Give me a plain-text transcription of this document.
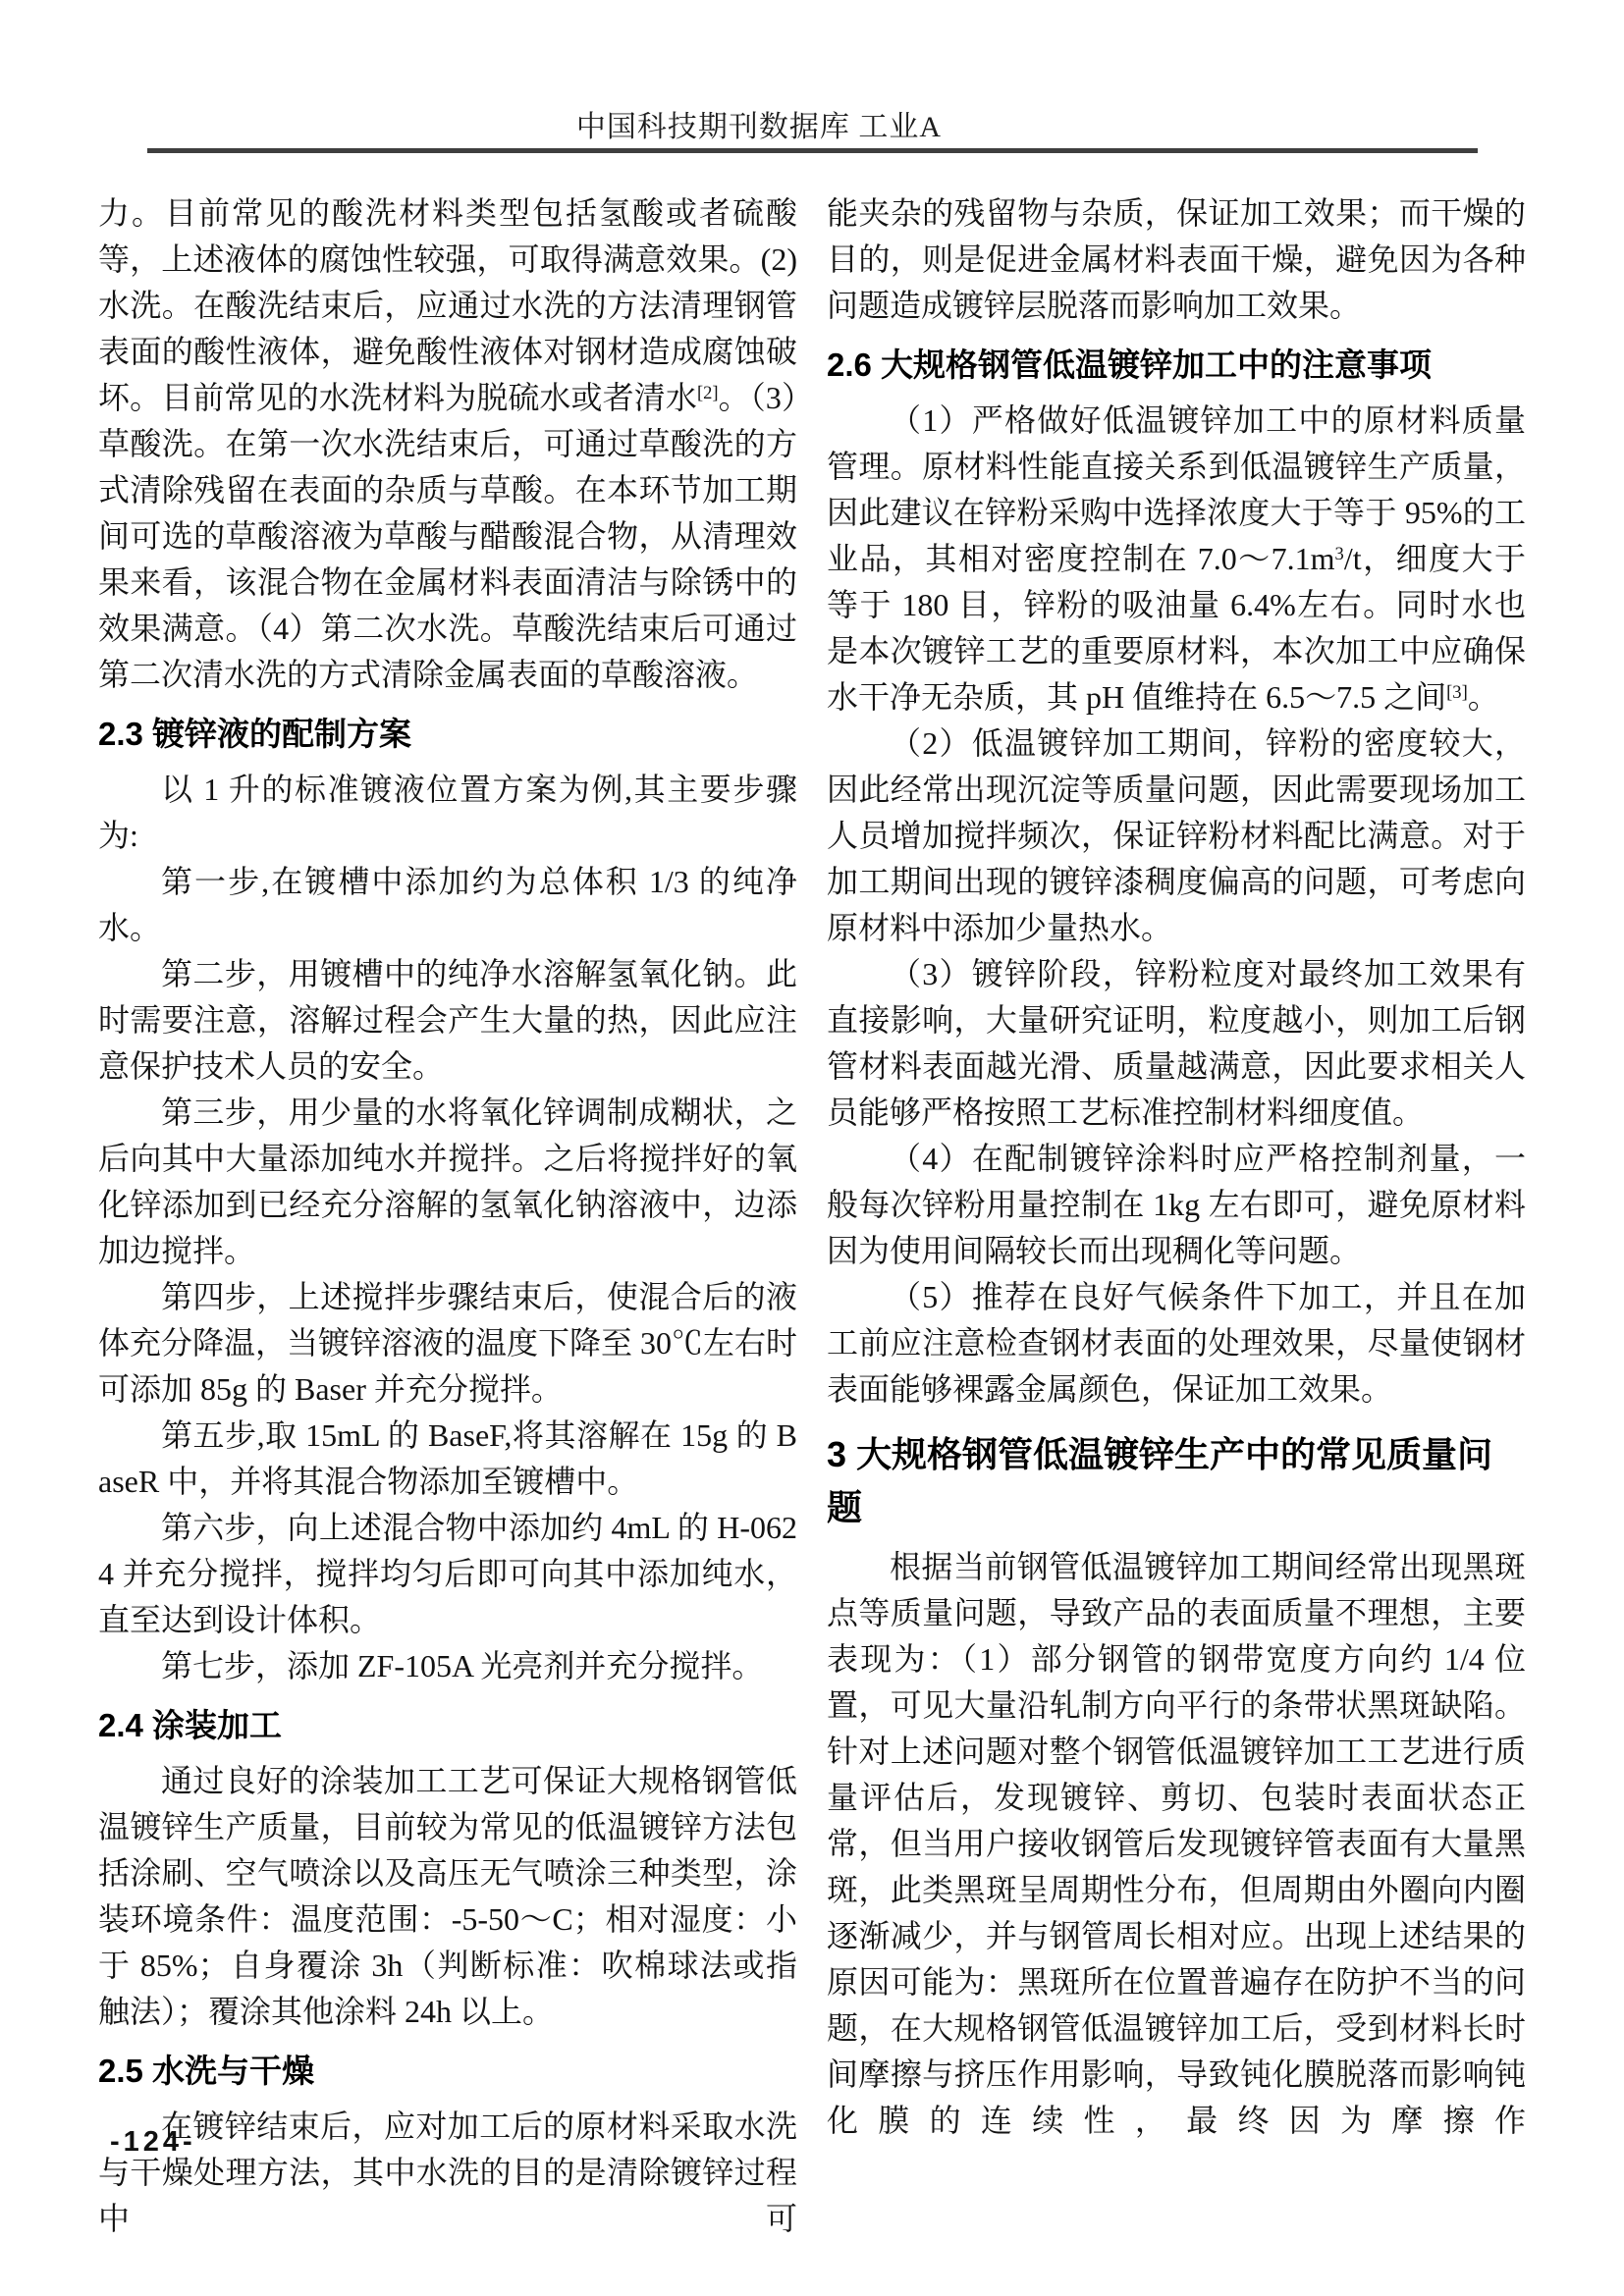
中国科技期刊数据库 工业A

力。目前常见的酸洗材料类型包括氢酸或者硫酸等，上述液体的腐蚀性较强，可取得满意效果。(2)水洗。在酸洗结束后，应通过水洗的方法清理钢管表面的酸性液体，避免酸性液体对钢材造成腐蚀破坏。目前常见的水洗材料为脱硫水或者清水[2]。（3）草酸洗。在第一次水洗结束后，可通过草酸洗的方式清除残留在表面的杂质与草酸。在本环节加工期间可选的草酸溶液为草酸与醋酸混合物，从清理效果来看，该混合物在金属材料表面清洁与除锈中的效果满意。（4）第二次水洗。草酸洗结束后可通过第二次清水洗的方式清除金属表面的草酸溶液。

2.3 镀锌液的配制方案

以 1 升的标准镀液位置方案为例,其主要步骤为:

第一步,在镀槽中添加约为总体积 1/3 的纯净水。

第二步，用镀槽中的纯净水溶解氢氧化钠。此时需要注意，溶解过程会产生大量的热，因此应注意保护技术人员的安全。

第三步，用少量的水将氧化锌调制成糊状，之后向其中大量添加纯水并搅拌。之后将搅拌好的氧化锌添加到已经充分溶解的氢氧化钠溶液中，边添加边搅拌。

第四步，上述搅拌步骤结束后，使混合后的液体充分降温，当镀锌溶液的温度下降至 30℃左右时可添加 85g 的 Baser 并充分搅拌。

第五步,取 15mL 的 BaseF,将其溶解在 15g 的 BaseR 中，并将其混合物添加至镀槽中。

第六步，向上述混合物中添加约 4mL 的 H-0624 并充分搅拌，搅拌均匀后即可向其中添加纯水，直至达到设计体积。

第七步，添加 ZF-105A 光亮剂并充分搅拌。

2.4 涂装加工

通过良好的涂装加工工艺可保证大规格钢管低温镀锌生产质量，目前较为常见的低温镀锌方法包括涂刷、空气喷涂以及高压无气喷涂三种类型，涂装环境条件：温度范围：-5-50～C；相对湿度：小于 85%；自身覆涂 3h（判断标准：吹棉球法或指触法）；覆涂其他涂料 24h 以上。

2.5 水洗与干燥

在镀锌结束后，应对加工后的原材料采取水洗与干燥处理方法，其中水洗的目的是清除镀锌过程中可

能夹杂的残留物与杂质，保证加工效果；而干燥的目的，则是促进金属材料表面干燥，避免因为各种问题造成镀锌层脱落而影响加工效果。

2.6 大规格钢管低温镀锌加工中的注意事项

（1）严格做好低温镀锌加工中的原材料质量管理。原材料性能直接关系到低温镀锌生产质量，因此建议在锌粉采购中选择浓度大于等于 95%的工业品，其相对密度控制在 7.0～7.1m$^3$/t，细度大于等于 180 目，锌粉的吸油量 6.4%左右。同时水也是本次镀锌工艺的重要原材料，本次加工中应确保水干净无杂质，其 pH 值维持在 6.5～7.5 之间[3]。

（2）低温镀锌加工期间，锌粉的密度较大，因此经常出现沉淀等质量问题，因此需要现场加工人员增加搅拌频次，保证锌粉材料配比满意。对于加工期间出现的镀锌漆稠度偏高的问题，可考虑向原材料中添加少量热水。

（3）镀锌阶段，锌粉粒度对最终加工效果有直接影响，大量研究证明，粒度越小，则加工后钢管材料表面越光滑、质量越满意，因此要求相关人员能够严格按照工艺标准控制材料细度值。

（4）在配制镀锌涂料时应严格控制剂量，一般每次锌粉用量控制在 1kg 左右即可，避免原材料因为使用间隔较长而出现稠化等问题。

（5）推荐在良好气候条件下加工，并且在加工前应注意检查钢材表面的处理效果，尽量使钢材表面能够裸露金属颜色，保证加工效果。

3 大规格钢管低温镀锌生产中的常见质量问题

根据当前钢管低温镀锌加工期间经常出现黑斑点等质量问题，导致产品的表面质量不理想，主要表现为：（1）部分钢管的钢带宽度方向约 1/4 位置，可见大量沿轧制方向平行的条带状黑斑缺陷。针对上述问题对整个钢管低温镀锌加工工艺进行质量评估后，发现镀锌、剪切、包装时表面状态正常，但当用户接收钢管后发现镀锌管表面有大量黑斑，此类黑斑呈周期性分布，但周期由外圈向内圈逐渐减少，并与钢管周长相对应。出现上述结果的原因可能为：黑斑所在位置普遍存在防护不当的问题，在大规格钢管低温镀锌加工后，受到材料长时间摩擦与挤压作用影响，导致钝化膜脱落而影响钝化膜的连续性，最终因为摩擦作

-124-
